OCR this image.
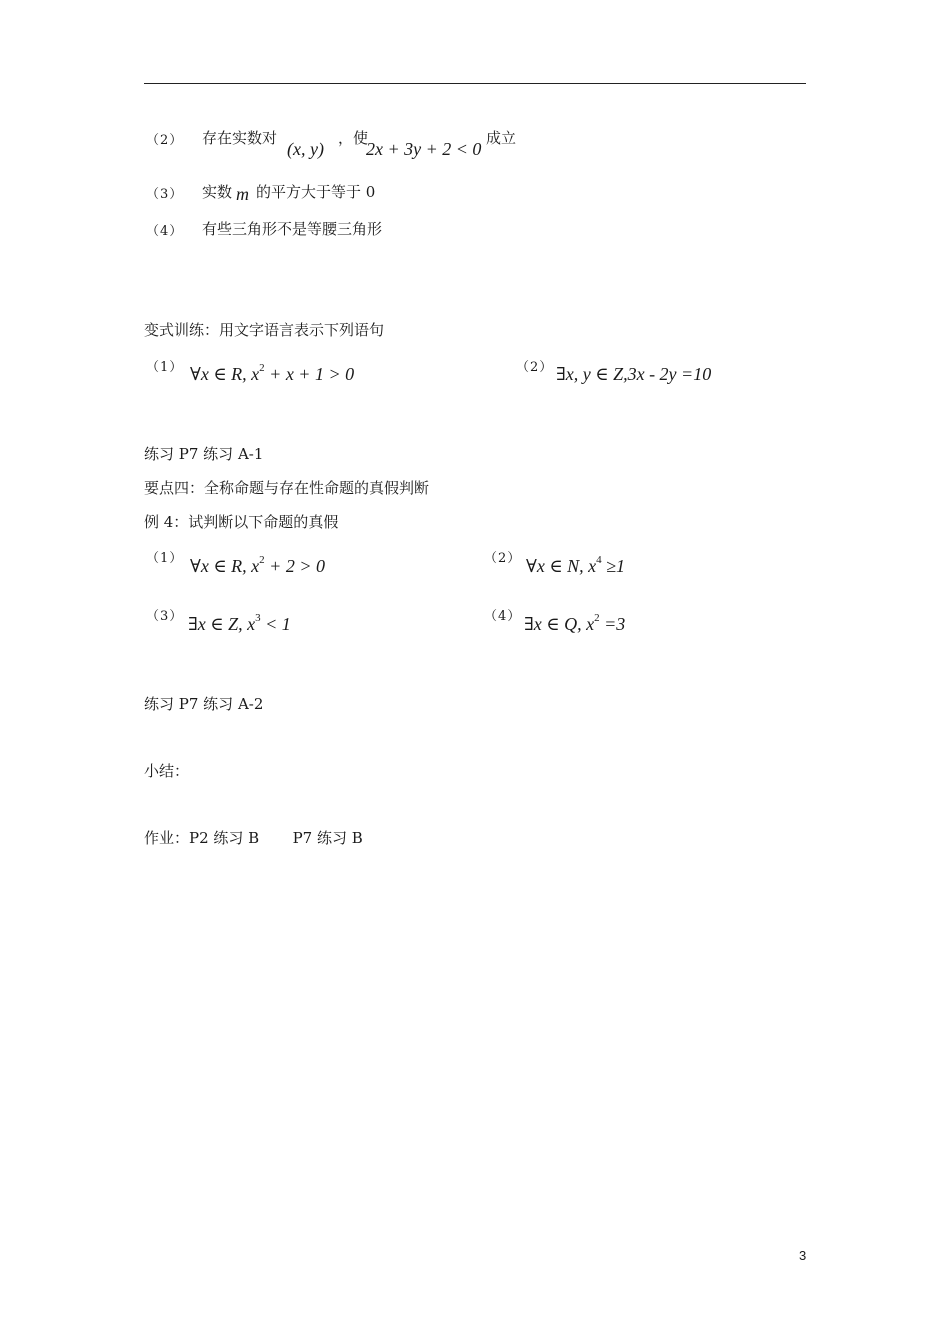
（2） 存在实数对
(x, y)
，使
2x + 3y + 2 < 0
成立
（3） 实数 m 的平方大于等于 0
（4） 有些三角形不是等腰三角形
变式训练：用文字语言表示下列语句
（1） ∀x ∈ R, $x^2 + x + 1 > 0$	（2） ∃x, y ∈ Z,3x - 2y =10
练习 P7 练习 A-1
要点四：全称命题与存在性命题的真假判断
例 4：试判断以下命题的真假
（1） ∀x ∈ R, $x^2 + 2 > 0$	（2） ∀x ∈ N, $x^4 \ge 1$
（3） ∃x ∈ Z, $x^3 < 1$	（4） ∃x ∈ Q, $x^2 =3$
练习 P7 练习 A-2
小结：
作业：P2 练习 B       P7 练习 B
3
